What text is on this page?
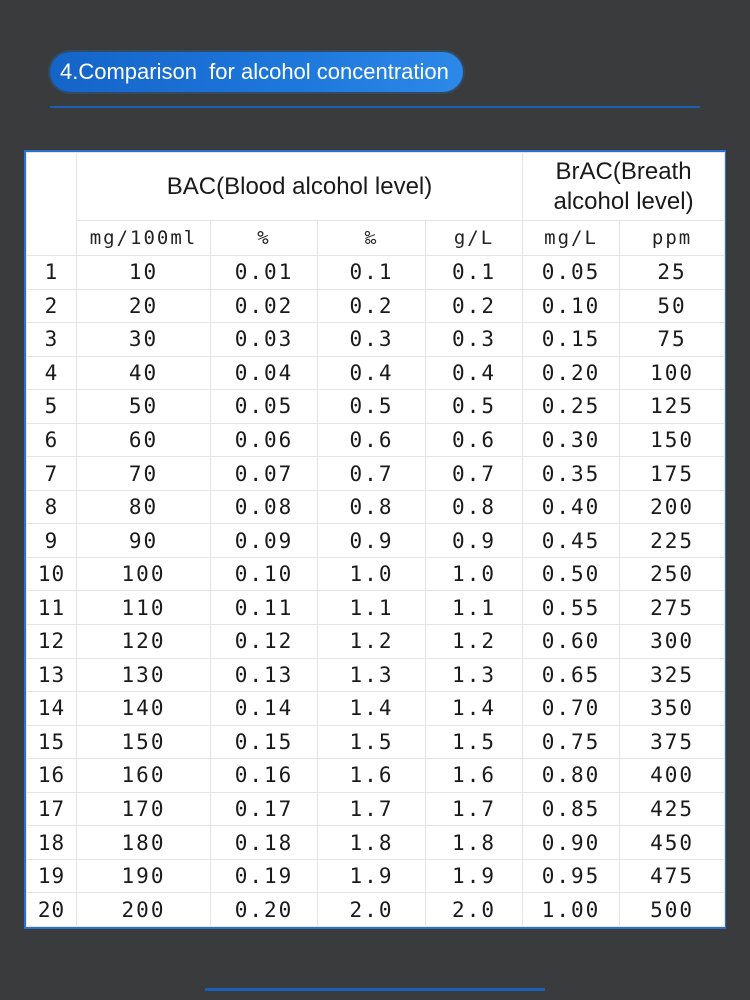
4.Comparison  for alcohol concentration
	BAC(Blood alcohol level)				BrAC(Breath alcohol level)	
	mg/100ml	%	‰	g/L	mg/L	ppm
1	10	0.01	0.1	0.1	0.05	25
2	20	0.02	0.2	0.2	0.10	50
3	30	0.03	0.3	0.3	0.15	75
4	40	0.04	0.4	0.4	0.20	100
5	50	0.05	0.5	0.5	0.25	125
6	60	0.06	0.6	0.6	0.30	150
7	70	0.07	0.7	0.7	0.35	175
8	80	0.08	0.8	0.8	0.40	200
9	90	0.09	0.9	0.9	0.45	225
10	100	0.10	1.0	1.0	0.50	250
11	110	0.11	1.1	1.1	0.55	275
12	120	0.12	1.2	1.2	0.60	300
13	130	0.13	1.3	1.3	0.65	325
14	140	0.14	1.4	1.4	0.70	350
15	150	0.15	1.5	1.5	0.75	375
16	160	0.16	1.6	1.6	0.80	400
17	170	0.17	1.7	1.7	0.85	425
18	180	0.18	1.8	1.8	0.90	450
19	190	0.19	1.9	1.9	0.95	475
20	200	0.20	2.0	2.0	1.00	500
